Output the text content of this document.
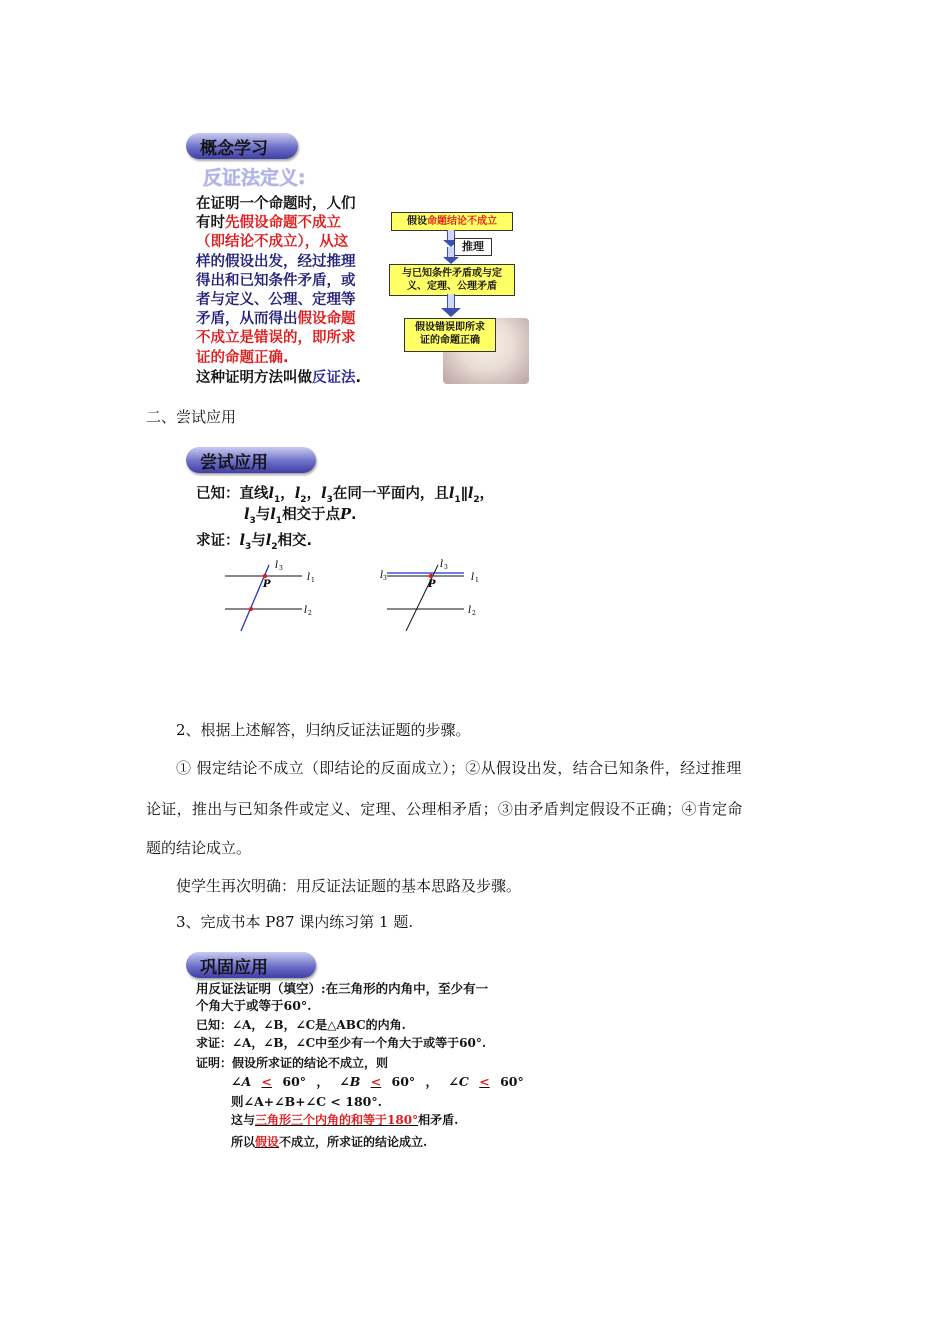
概念学习
反证法定义:
在证明一个命题时，人们
有时先假设命题不成立
（即结论不成立），从这
样的假设出发，经过推理
得出和已知条件矛盾，或
者与定义、公理、定理等
矛盾，从而得出假设命题
不成立是错误的，即所求
证的命题正确.
这种证明方法叫做反证法.
假设命题结论不成立
推理
与已知条件矛盾或与定
义、定理、公理矛盾
假设错误即所求
证的命题正确
二、尝试应用
尝试应用
已知：直线$l_1$，$l_2$，$l_3$在同一平面内，且$l_1\parallel l_2$，
$l_3$与$l_1$相交于点P.
求证：$l_3$与$l_2$相交.
l 3
P
l 1
l 2
l 3
l 3
P
l 1
l 2
2、根据上述解答，归纳反证法证题的步骤。
① 假定结论不成立（即结论的反面成立）；②从假设出发，结合已知条件，经过推理
论证，推出与已知条件或定义、定理、公理相矛盾；③由矛盾判定假设不正确；④肯定命
题的结论成立。
使学生再次明确：用反证法证题的基本思路及步骤。
3、完成书本 P87 课内练习第 1 题.
巩固应用
用反证法证明（填空）:在三角形的内角中，至少有一
个角大于或等于60°.
已知：∠A，∠B，∠C是△ABC的内角.
求证：∠A，∠B，∠C中至少有一个角大于或等于60°.
证明：假设所求证的结论不成立，则
∠A < 60° ， ∠B < 60° ， ∠C < 60°
则∠A+∠B+∠C < 180°.
这与三角形三个内角的和等于180°相矛盾.
所以假设不成立，所求证的结论成立.
